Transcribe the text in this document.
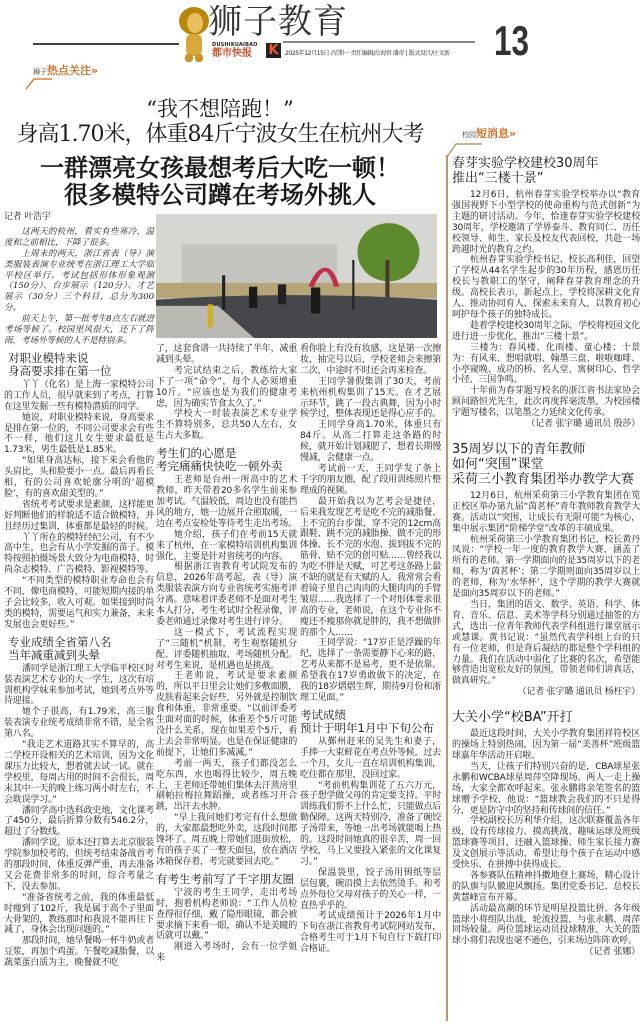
狮子教育
DUSHIKUAIBAO
都市快报 K	2025年12月15日 /星期一 责任编辑/岳海智 潘奇 | 版式设计/庄文新 13
狮子热点关注»
“我不想陪跑！”
身高1.70米，体重84斤宁波女生在杭州大考
一群漂亮女孩最想考后大吃一顿！
很多模特公司蹲在考场外挑人

记者 叶浩宇

这两天的杭州，看实有些寒冷，温度和之前相比，下降了很多。

上周末的两天，浙江省表（导）演类服装表演专业统考在浙江理工大学临平校区举行。考试包括形体形象观测（150分）、台步展示（120分）、才艺展示（30分）三个科目，总分为300分。

前天上午，第一批考生8点左右就进考场等候了。校园里风很大，还下了阵雨，考场外等候的人不是特别多。

对职业模特来说
身高要求排在第一位

丫丫（化名）是上海一家模特公司的工作人员，很早就来到了考点，打算在这里发掘一些有模特潜质的同学。

她说，对职业模特来说，身高要求是排在第一位的，不同公司要求会有些不一样，他们这儿女生要求最低是1.73米，男生最低是1.85米。

“如果身高达标，接下来会看他的头肩比，头和脸要小一点。最后再看长相，有的公司喜欢轮廓分明的‘超模脸’，有的喜欢甜美型的。”

省统考考试要求是素颜，这样能更好判断他们的样貌适不适合做模特，并且经历过集训，体重都是最轻的时候。

丫丫所在的模特经纪公司，有不少高中生，也会有从小学发掘的苗子。模特按照拍摄场景大致分为电商模特、时尚杂志模特、广告模特、影视模特等。

“不同类型的模特职业寿命也会有不同，像电商模特，可能短期内接的单子会比较多，收入可观。如果接到时尚类的模特，需要运气和实力兼备，未来发展也会更好些。”

专业成绩全省第八名
当年减重减到头晕

潘同学是浙江理工大学临平校区时装表演艺术专业的大一学生，这次有培训机构学妹来参加考试，她到考点外等待迎接。

她个子很高，有1.79米，高三服装表演专业统考成绩非常不错，是全省第八名。

“我走艺术道路其实不算早的，高二学校开设相关的艺术培训，因为文化课压力比较大，想着就去试一试。就在学校里，每周占用的时间不会很长，周末其中一天的晚上练习两小时左右，不会耽误学习。”

潘同学高中选科政史地，文化课考了450分，最后折算分数有546.2分，超过了分数线。

潘同学说，原本还打算去北京服装学院参加校考的，但统考结束备战首考的那段时间，体重反弹严重，再去准备又会花费非常多的时间，综合考量之下，没去参加。

“准备省统考之前，我的体重最低时瘦到了102斤，我是属于高个子里面大骨架的，教练那时和我说不能再往下减了，身体会出现问题的。”

那段时间，她早餐喝一杯牛奶或者豆浆，再加个鸡蛋。午餐吃减脂餐，以蔬菜蛋白质为主，晚餐就不吃

了，这套食谱一共持续了半年，减重减到头晕。

考完试结束之后，教练给大家下了一项“命令”，每个人必须增重10斤。“应该也是为我们的健康考虑，因为确实节食太久了。”

学校大一时装表演艺术专业学生不算特别多，总共50人左右，女生占大多数。

考生们的心愿是
考完痛痛快快吃一顿外卖

王老师是台州一所高中的艺术教师，昨天带着20多名学生前来参加考试。气温较低，周边也没有能挡风的地方，她一边展开合照取暖，一边在考点安检处等待考生走出考场。

她介绍，孩子们在考前15天就来了杭州，在一家模特培训机构集训强化，主要是针对省统考的内容。

根据浙江省教育考试院发布的信息，2026年高考起，表（导）演类服装表演方向专业省统考实施考评分离。意味着评委老师不是面对考生本人打分，考生考试时全程录像，评委老师通过录像对考生进行评分。

这一模式下，考试流程实现了“三随机”机制，考生观察随机分配、评委随机抽取、考场随机分配。对考生来说，是机遇也是挑战。

王老师说，考试是要求素颜的，所以平日里会让她们多敷面膜，皮肤看起来会好些，另外就是控制饮食和体重，非常重要。“以前评委考生面对面的时候，体重差个5斤可能没什么关系，现在如果差个5斤，看上去会非常明显。也是在保证健康的前提下，让她们多减减。”

考前一两天，孩子们都没怎么吃东西，水也喝得比较少，周五晚上，王老师还带她们集体去汗蒸房里刷帕拉梅拉舞蹈操，或者练习开合跳，出汗去水肿。

“早上我问她们考完有什么想做的，大家都最想吃外卖，这段时间都馋坏了。周五晚上带她们逛街放松，有的孩子买了一整天面包，放在酒店冰箱保存着，考完就要回去吃。”

有考生考前写了千字朋友圈

宁波的考生王同学，走出考场时，抱着机构老师说：“工作人员检查得很仔细，戴了隐形眼镜，都会被要求摘下来看一眼，确认不是美瞳的话就可以戴。”

刚进入考场时，会有一位学姐来

看你脸上有没有妆感，这是第一次擦妆，抽完号以后，学校老师会来擦第二次，中途时不时还会再来检查。

王同学暑假集训了30天，考前来杭州机构集训了15天。在才艺展示环节，跳了一段古典舞，因为小时候学过，整体表现还是得心应手的。

王同学身高1.70米，体重只有84斤。从高二打算走这条路的时候，就开始计划减肥了，想着长期慢慢减，会健康一点。

考试前一天，王同学发了条上千字的朋友圈，配了段用训练照片整理成的视频。

最开始我以为艺考会是捷径，后来我发现艺考是吃不完的减脂餐、上不完的台步课、穿不完的12cm高跟鞋、跳不完的减脂操、做不完的形体操、长不完的水泡、拔到拔不完的筋骨、贴不完的创可贴……曾经我以为吃不胖是天赋，可艺考这条路上最不缺的就是有天赋的人。我常常会看着镜子里自己肉肉的大腿肉肉的手臂皱眉……我选择了一个对形体要求很高的专业，老师说，在这个专业你不瘦还不瘦那你就是胖的，我不想做胖的那个人……

王同学说：“17岁正是浮躁的年纪，选择了一条需要静下心来的路，艺考从来都不是易考，更不是依靠。希望我在17岁勇敢做下的决定，在我的18岁熠熠生辉，期待9月份和浙理工见面。”

考试成绩
预计于明年1月中下旬公布

从鄞州赶来的吴先生和妻子，手捧一大束鲜花在考点外等候。过去一个月，女儿一直在培训机构集训，吃住都在那里，没回过家。

“考前机构集训花了五六万元，孩子想学做父母的肯定要支持。平时训练我们帮不上什么忙，只能做点后勤保障。这两天特别冷，准备了碗饺子汤带来，等她一出考场就能喝上热的。这段时间她真的很辛苦，周一回学校，马上又要投入紧张的文化课复习。”

保温袋里，饺子汤用锡纸等层层包裹，碗沿摸上去依然烫手。和考点外每位父母对孩子的关心一样，一直热乎乎的。

考试成绩预计于2026年1月中下旬在浙江省教育考试院网站发布，合格考生可于1月下旬自行下载打印合格证。

校园短消息»
春芽实验学校建校30周年
推出“三楼十景”

12月6日，杭州春芽实验学校举办以“教育强国视野下小型学校的使命重构与范式创新”为主题的研讨活动。今年，恰逢春芽实验学校建校30周年，学校邀请了学界泰斗、教育同仁、历任校领导、师生、家长及校友代表回校，共赴一场跨越时光的教育之约。

杭州春芽实验学校书记、校长高利佳，回望了学校从44名学生起步的30年历程，感恩历任校长与教职工的坚守，阐释春芽教育理念的升级。高校长表示，新起点上，学校将深耕文化育人、推动协同育人、探索未来育人，以教育初心呵护每个孩子的独特成长。

趁着学校建校30周年之际，学校将校园文化进行进一步优化，推出“三楼十景”。

三楼为：春风楼、化雨楼、童心楼；十景为：有风来、想唱就唱、翰墨三盘、啦啦咖啡、小亭窥晚、成功的桥、名人堂、寓树印心、哲学小径、三国争鸣。

十年前为春芽题写校名的浙江省书法家协会顾问路恒光先生，此次再度挥毫泼墨，为校园楼宇题写楼名，以笔墨之力延续文化传承。

（记者 张宇璐 通讯员 殷莎）

35周岁以下的青年教师
如何“突围”课堂
采荷三小教育集团举办教学大赛

12月6日，杭州采荷第三小学教育集团在笕正校区举办第九届“茵茗杯”青年教师教育教学大赛。活动以“突围，让成长有无限可能”为核心，集中展示集团“阶梯学堂”改革的丰硕成果。

杭州采荷第三小学教育集团书记、校长黄丹凤说：“学校一年一度的教育教学大赛，涵盖了所有的老师。第一学期面向的是35周岁以下的老师，称为‘茵茗杯’；第二学期则面向35周岁以上的老师，称为‘水华杯’，这个学期的教学大赛就是面向35周岁以下的老师。”

当日，集团的语文、数学、英语、科学、体育、音乐、信息、美术等学科分别通过抽签的方式，选出一位青年教师代表学科组进行课堂展示或慧课。黄书记说：“虽然代表学科组上台的只有一位老师，但是背后凝结的都是整个学科组的力量。我们在活动中弱化了比赛的名次，希望能够营造出宽松友好的氛围，带领老师们讲真话，做真研究。”

（记者 张宇璐 通讯员 杨枉宇）

大关小学“校BA”开打

最近这段时间，大关小学教育集团祥符校区的操场上特别热闹，因为第一届“美善杯”班级篮球嘉年华活动开启啦。

当天，让孩子们特别兴奋的是，CBA球星张永鹏和WCBA球星周萍空降现场。两人一走上操场，大家全都欢呼起来。张永鹏将亲笔签名的篮球赠予学校，他说：“篮球教会我们的不只是得分，更是防守中的坚持和传球间的信任。”

学校副校长厉利华介绍，这次联赛覆盖各年级，设有传球接力、摸高挑战、趣味运球及班级篮球赛等项目，还融入篮球操、师生家长接力赛及文创展示等活动，希望让每个孩子在运动中感受快乐、在拼搏中获得成长。

各参赛队伍精神抖擞地登上赛场，精心设计的队旗与队徽迎风飘扬。集团党委书记、总校长黄慧峰宣布开幕。

活动最高潮的环节是明星投篮比拼。各年级篮球小将组队出战，轮流投篮，与张永鹏、周萍同场较量。两位篮球运动员投球精准，大关的篮球小将们表现也毫不逊色，引来场边阵阵欢呼。

（记者 张娜）
